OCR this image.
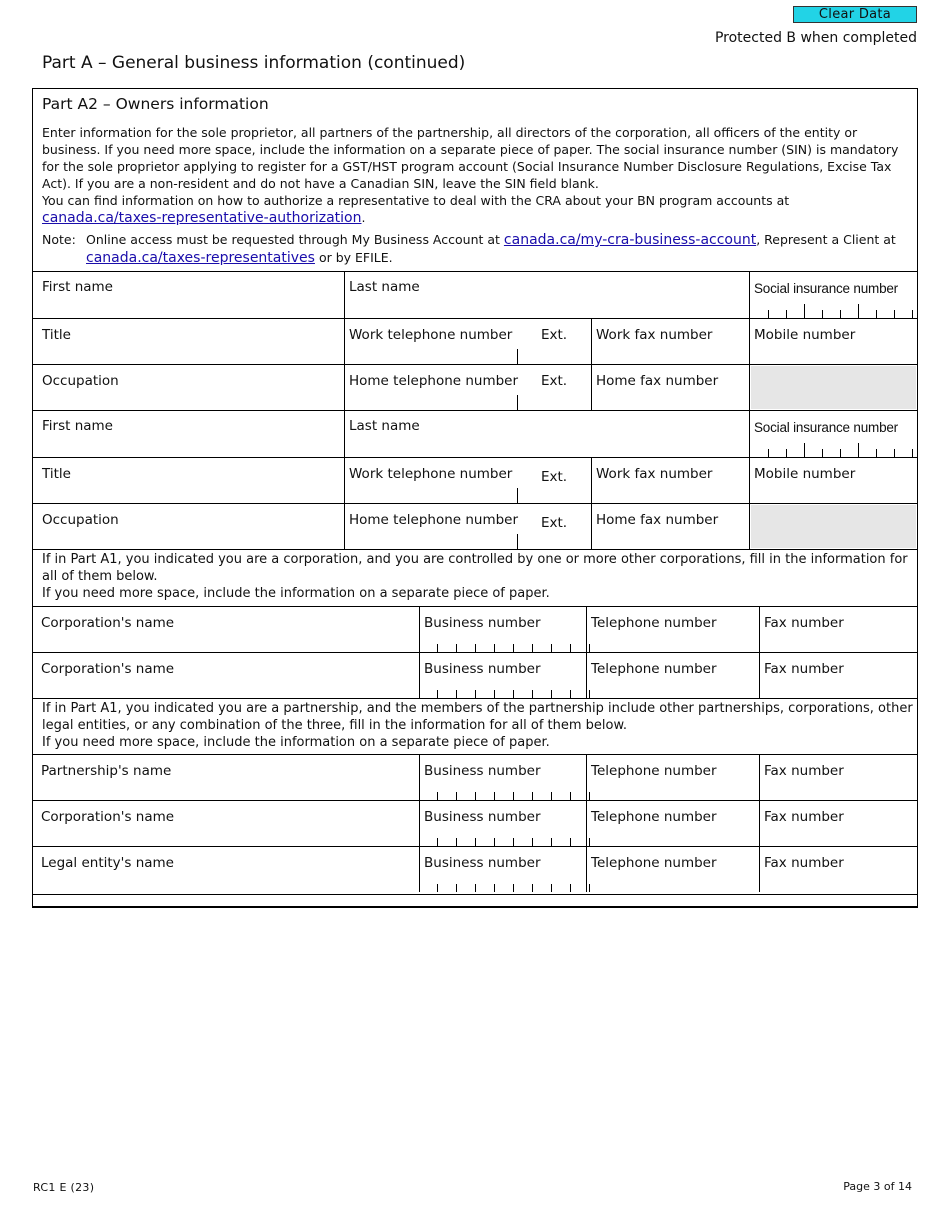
Clear Data
Protected B when completed
Part A – General business information (continued)
Part A2 – Owners information
Enter information for the sole proprietor, all partners of the partnership, all directors of the corporation, all officers of the entity or business. If you need more space, include the information on a separate piece of paper. The social insurance number (SIN) is mandatory for the sole proprietor applying to register for a GST/HST program account (Social Insurance Number Disclosure Regulations, Excise Tax Act). If you are a non-resident and do not have a Canadian SIN, leave the SIN field blank.
You can find information on how to authorize a representative to deal with the CRA about your BN program accounts at canada.ca/taxes-representative-authorization.
Note: Online access must be requested through My Business Account at canada.ca/my-cra-business-account, Represent a Client at canada.ca/taxes-representatives or by EFILE.
First name	Last name	Social insurance number
Title	Work telephone number Ext. Work fax number	Mobile number
Occupation	Home telephone number Ext. Home fax number
First name	Last name	Social insurance number
Title	Work telephone number Ext. Work fax number	Mobile number
Occupation	Home telephone number Ext. Home fax number
If in Part A1, you indicated you are a corporation, and you are controlled by one or more other corporations, fill in the information for all of them below.
If you need more space, include the information on a separate piece of paper.
Corporation's name	Business number	Telephone number	Fax number
Corporation's name	Business number	Telephone number	Fax number
If in Part A1, you indicated you are a partnership, and the members of the partnership include other partnerships, corporations, other legal entities, or any combination of the three, fill in the information for all of them below.
If you need more space, include the information on a separate piece of paper.
Partnership's name	Business number	Telephone number	Fax number
Corporation's name	Business number	Telephone number	Fax number
Legal entity's name	Business number	Telephone number	Fax number
RC1 E (23)	Page 3 of 14
